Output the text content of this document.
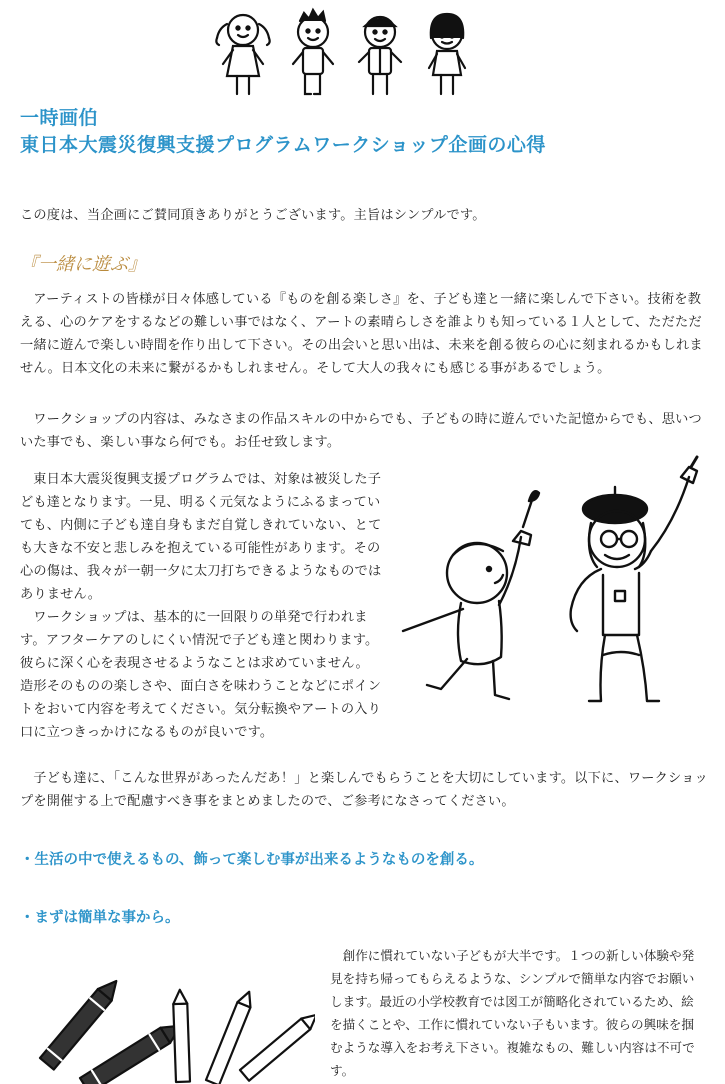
一時画伯
東日本大震災復興支援プログラムワークショップ企画の心得
この度は、当企画にご賛同頂きありがとうございます。主旨はシンプルです。
『一緒に遊ぶ』
アーティストの皆様が日々体感している『ものを創る楽しさ』を、子ども達と一緒に楽しんで下さい。技術を教える、心のケアをするなどの難しい事ではなく、アートの素晴らしさを誰よりも知っている１人として、ただただ一緒に遊んで楽しい時間を作り出して下さい。その出会いと思い出は、未来を創る彼らの心に刻まれるかもしれません。日本文化の未来に繋がるかもしれません。そして大人の我々にも感じる事があるでしょう。
ワークショップの内容は、みなさまの作品スキルの中からでも、子どもの時に遊んでいた記憶からでも、思いついた事でも、楽しい事なら何でも。お任せ致します。
東日本大震災復興支援プログラムでは、対象は被災した子ども達となります。一見、明るく元気なようにふるまっていても、内側に子ども達自身もまだ自覚しきれていない、とても大きな不安と悲しみを抱えている可能性があります。その心の傷は、我々が一朝一夕に太刀打ちできるようなものではありません。
ワークショップは、基本的に一回限りの単発で行われます。アフターケアのしにくい情況で子ども達と関わります。彼らに深く心を表現させるようなことは求めていません。造形そのものの楽しさや、面白さを味わうことなどにポイントをおいて内容を考えてください。気分転換やアートの入り口に立つきっかけになるものが良いです。
子ども達に、「こんな世界があったんだあ！」と楽しんでもらうことを大切にしています。以下に、ワークショップを開催する上で配慮すべき事をまとめましたので、ご参考になさってください。
・生活の中で使えるもの、飾って楽しむ事が出来るようなものを創る。
・まずは簡単な事から。
創作に慣れていない子どもが大半です。１つの新しい体験や発見を持ち帰ってもらえるような、シンプルで簡単な内容でお願いします。最近の小学校教育では図工が簡略化されているため、絵を描くことや、工作に慣れていない子もいます。彼らの興味を掴むような導入をお考え下さい。複雑なもの、難しい内容は不可です。
